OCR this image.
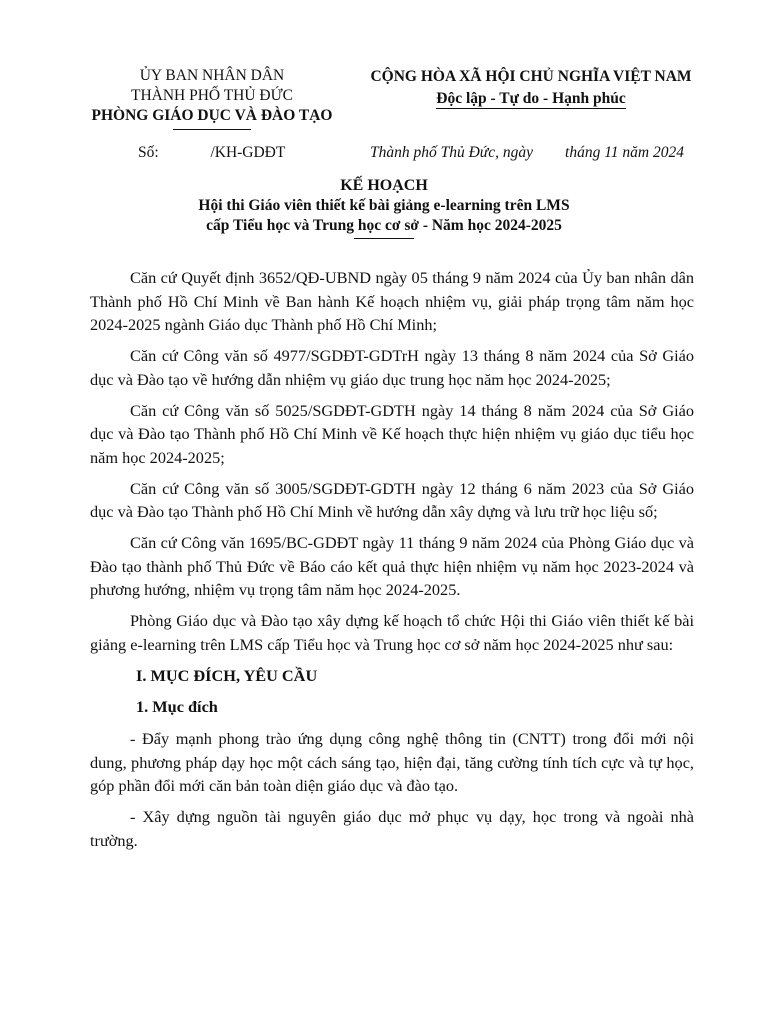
ỦY BAN NHÂN DÂN
THÀNH PHỐ THỦ ĐỨC
PHÒNG GIÁO DỤC VÀ ĐÀO TẠO
CỘNG HÒA XÃ HỘI CHỦ NGHĨA VIỆT NAM
Độc lập - Tự do - Hạnh phúc
Số:	/KH-GDĐT	Thành phố Thủ Đức, ngày tháng 11 năm 2024
KẾ HOẠCH
Hội thi Giáo viên thiết kế bài giảng e-learning trên LMS
cấp Tiểu học và Trung học cơ sở - Năm học 2024-2025

Căn cứ Quyết định 3652/QĐ-UBND ngày 05 tháng 9 năm 2024 của Ủy ban nhân dân Thành phố Hồ Chí Minh về Ban hành Kế hoạch nhiệm vụ, giải pháp trọng tâm năm học 2024-2025 ngành Giáo dục Thành phố Hồ Chí Minh;

Căn cứ Công văn số 4977/SGDĐT-GDTrH ngày 13 tháng 8 năm 2024 của Sở Giáo dục và Đào tạo về hướng dẫn nhiệm vụ giáo dục trung học năm học 2024-2025;

Căn cứ Công văn số 5025/SGDĐT-GDTH ngày 14 tháng 8 năm 2024 của Sở Giáo dục và Đào tạo Thành phố Hồ Chí Minh về Kế hoạch thực hiện nhiệm vụ giáo dục tiểu học năm học 2024-2025;

Căn cứ Công văn số 3005/SGDĐT-GDTH ngày 12 tháng 6 năm 2023 của Sở Giáo dục và Đào tạo Thành phố Hồ Chí Minh về hướng dẫn xây dựng và lưu trữ học liệu số;

Căn cứ Công văn 1695/BC-GDĐT ngày 11 tháng 9 năm 2024 của Phòng Giáo dục và Đào tạo thành phố Thủ Đức về Báo cáo kết quả thực hiện nhiệm vụ năm học 2023-2024 và phương hướng, nhiệm vụ trọng tâm năm học 2024-2025.

Phòng Giáo dục và Đào tạo xây dựng kế hoạch tổ chức Hội thi Giáo viên thiết kế bài giảng e-learning trên LMS cấp Tiểu học và Trung học cơ sở năm học 2024-2025 như sau:

I. MỤC ĐÍCH, YÊU CẦU

1. Mục đích

- Đẩy mạnh phong trào ứng dụng công nghệ thông tin (CNTT) trong đổi mới nội dung, phương pháp dạy học một cách sáng tạo, hiện đại, tăng cường tính tích cực và tự học, góp phần đổi mới căn bản toàn diện giáo dục và đào tạo.

- Xây dựng nguồn tài nguyên giáo dục mở phục vụ dạy, học trong và ngoài nhà trường.
